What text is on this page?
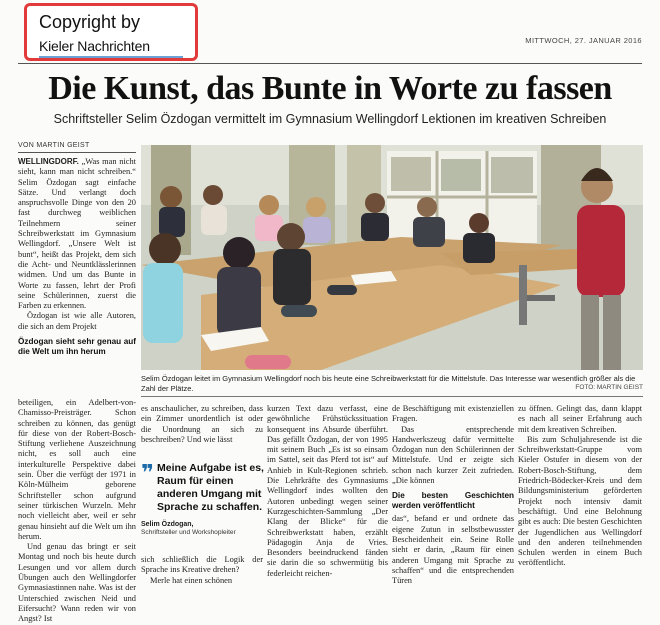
Copyright by
Kieler Nachrichten	MITTWOCH, 27. JANUAR 2016
Die Kunst, das Bunte in Worte zu fassen
Schriftsteller Selim Özdogan vermittelt im Gymnasium Wellingdorf Lektionen im kreativen Schreiben
VON MARTIN GEIST

WELLINGDORF. „Was man nicht sieht, kann man nicht schreiben.“ Selim Özdogan sagt einfache Sätze. Und verlangt doch anspruchsvolle Dinge von den 20 fast durchweg weiblichen Teilnehmern seiner Schreibwerkstatt im Gymnasium Wellingdorf. „Unsere Welt ist bunt“, heißt das Projekt, dem sich die Acht- und Neuntklässlerinnen widmen. Und um das Bunte in Worte zu fassen, lehrt der Profi seine Schülerinnen, zuerst die Farben zu erkennen.

Özdogan ist wie alle Autoren, die sich an dem Projekt

Özdogan sieht sehr genau auf die Welt um ihn herum
Selim Özdogan leitet im Gymnasium Wellingdorf noch bis heute eine Schreibwerkstatt für die Mittelstufe. Das Interesse war wesentlich größer als die Zahl der Plätze.	FOTO: MARTIN GEIST

beteiligen, ein Adelbert-von-Chamisso-Preisträger. Schon schreiben zu können, das genügt für diese von der Robert-Bosch-Stiftung verliehene Auszeichnung nicht, es soll auch eine interkulturelle Perspektive dabei sein. Über die verfügt der 1971 in Köln-Mülheim geborene Schriftsteller schon aufgrund seiner türkischen Wurzeln. Mehr noch vielleicht aber, weil er sehr genau hinsieht auf die Welt um ihn herum.

Und genau das bringt er seit Montag und noch bis heute durch Lesungen und vor allem durch Übungen auch den Wellingdorfer Gymnasiastinnen nahe. Was ist der Unterschied zwischen Neid und Eifersucht? Wann reden wir von Angst? Ist

es anschaulicher, zu schreiben, dass ein Zimmer unordentlich ist oder die Unordnung an sich zu beschreiben? Und wie lässt

❞ Meine Aufgabe ist es, Raum für einen anderen Umgang mit Sprache zu schaffen.
Selim Özdogan,
Schriftsteller und Workshopleiter

sich schließlich die Logik der Sprache ins Kreative drehen?

Merle hat einen schönen

kurzen Text dazu verfasst, eine gewöhnliche Frühstückssituation konsequent ins Absurde überführt. Das gefällt Özdogan, der von 1995 mit seinem Buch „Es ist so einsam im Sattel, seit das Pferd tot ist“ auf Anhieb in Kult-Regionen schrieb. Die Lehrkräfte des Gymnasiums Wellingdorf indes wollten den Autoren unbedingt wegen seiner Kurzgeschichten-Sammlung „Der Klang der Blicke“ für die Schreibwerkstatt haben, erzählt Pädagogin Anja de Vries. Besonders beeindruckend fänden sie darin die so schwermütig bis federleicht reichen-

de Beschäftigung mit existenziellen Fragen.

Das entsprechende Handwerkszeug dafür vermittelte Özdogan nun den Schülerinnen der Mittelstufe. Und er zeigte sich schon nach kurzer Zeit zufrieden. „Die können

Die besten Geschichten werden veröffentlicht

das“, befand er und ordnete das eigene Zutun in selbstbewusster Bescheidenheit ein. Seine Rolle sieht er darin, „Raum für einen anderen Umgang mit Sprache zu schaffen“ und die entsprechenden Türen

zu öffnen. Gelingt das, dann klappt es nach all seiner Erfahrung auch mit dem kreativen Schreiben.

Bis zum Schuljahresende ist die Schreibwerkstatt-Gruppe vom Kieler Ostufer in diesem von der Robert-Bosch-Stiftung, dem Friedrich-Bödecker-Kreis und dem Bildungsministerium geförderten Projekt noch intensiv damit beschäftigt. Und eine Belohnung gibt es auch: Die besten Geschichten der Jugendlichen aus Wellingdorf und den anderen teilnehmenden Schulen werden in einem Buch veröffentlicht.
